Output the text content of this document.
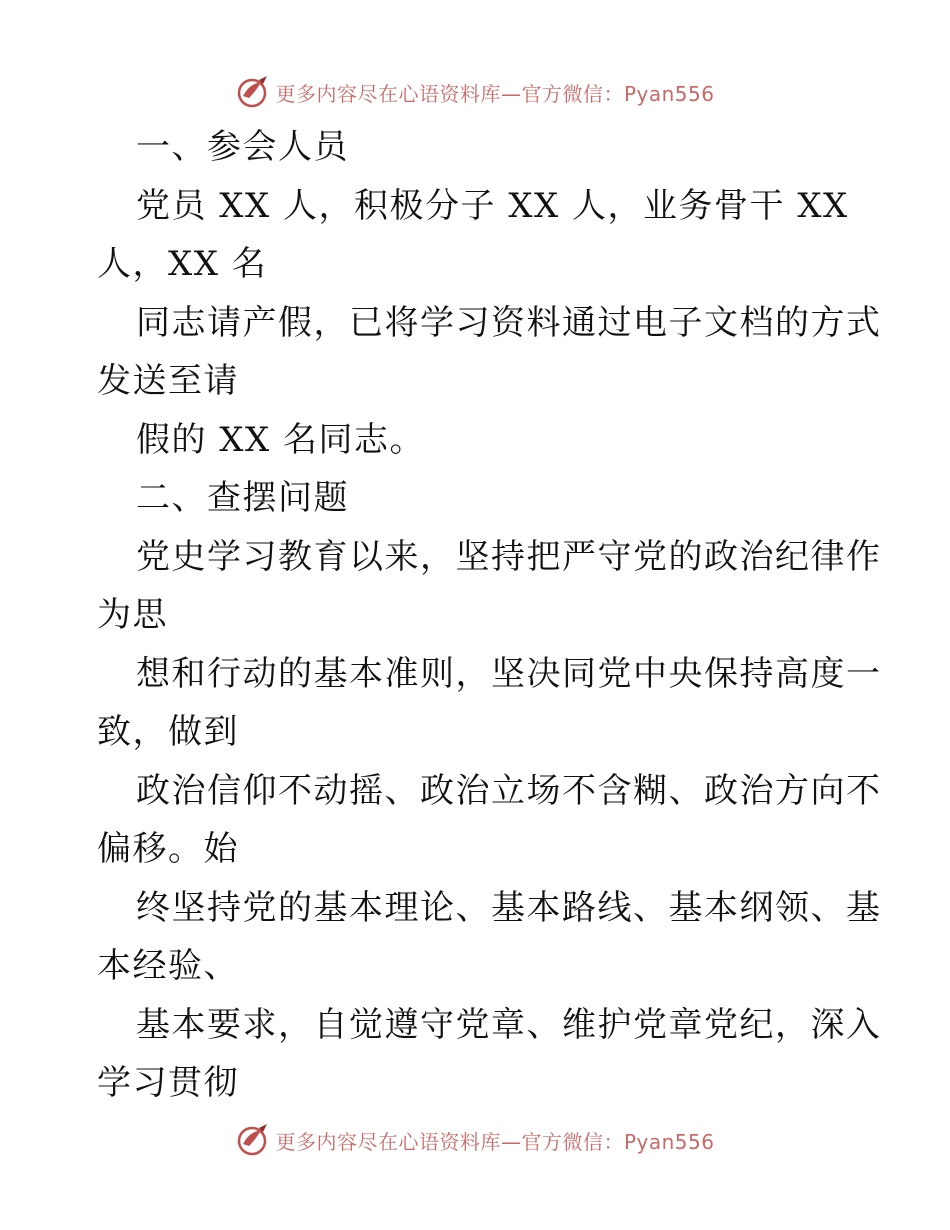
更多内容尽在心语资料库—官方微信：Pyan556
一、参会人员
党员 XX 人，积极分子 XX 人，业务骨干 XX
人，XX 名
同志请产假，已将学习资料通过电子文档的方式
发送至请
假的 XX 名同志。
二、查摆问题
党史学习教育以来，坚持把严守党的政治纪律作
为思
想和行动的基本准则，坚决同党中央保持高度一
致，做到
政治信仰不动摇、政治立场不含糊、政治方向不
偏移。始
终坚持党的基本理论、基本路线、基本纲领、基
本经验、
基本要求，自觉遵守党章、维护党章党纪，深入
学习贯彻
更多内容尽在心语资料库—官方微信：Pyan556
